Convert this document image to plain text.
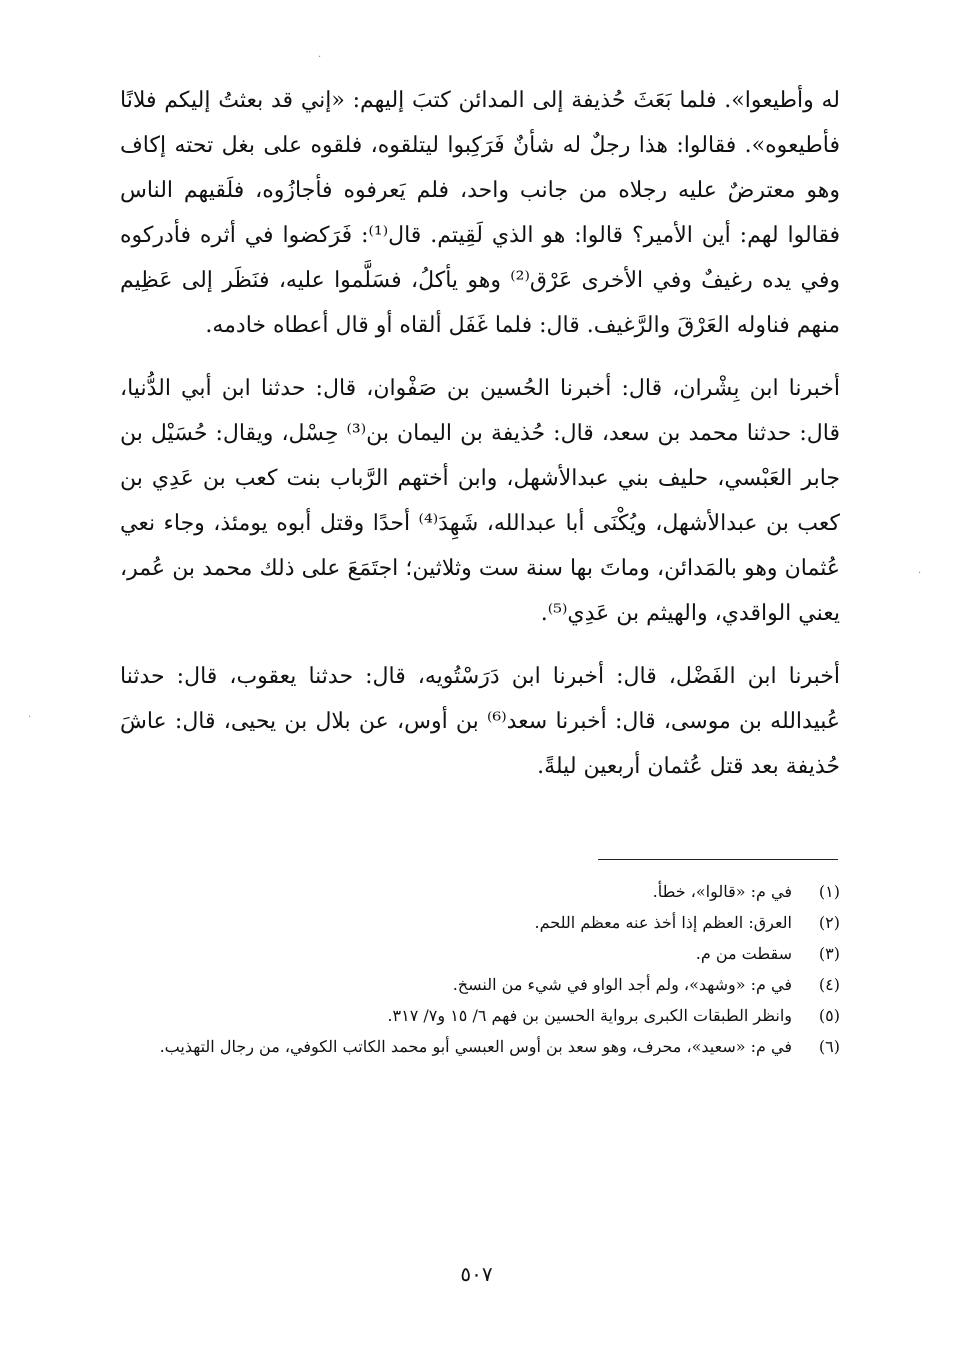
·
·
·

له وأطيعوا». فلما بَعَثَ حُذيفة إلى المدائن كتبَ إليهم: «إني قد بعثتُ إليكم فلانًا فأطيعوه». فقالوا: هذا رجلٌ له شأنٌ فَرَكِبوا ليتلقوه، فلقوه على بغل تحته إكاف وهو معترضٌ عليه رجلاه من جانب واحد، فلم يَعرفوه فأجازُوه، فلَقيهم الناس فقالوا لهم: أين الأمير؟ قالوا: هو الذي لَقِيتم. قال⁽¹⁾: فَرَكضوا في أثره فأدركوه وفي يده رغيفٌ وفي الأخرى عَرْق⁽²⁾ وهو يأكلُ، فسَلَّموا عليه، فنَظَر إلى عَظِيم منهم فناوله العَرْقَ والرَّغيف. قال: فلما غَفَل ألقاه أو قال أعطاه خادمه.

أخبرنا ابن بِشْران، قال: أخبرنا الحُسين بن صَفْوان، قال: حدثنا ابن أبي الدُّنيا، قال: حدثنا محمد بن سعد، قال: حُذيفة بن اليمان بن⁽³⁾ حِسْل، ويقال: حُسَيْل بن جابر العَبْسي، حليف بني عبدالأشهل، وابن أختهم الرَّباب بنت كعب بن عَدِي بن كعب بن عبدالأشهل، ويُكْنَى أبا عبدالله، شَهِدَ⁽⁴⁾ أحدًا وقتل أبوه يومئذ، وجاء نعي عُثمان وهو بالمَدائن، وماتَ بها سنة ست وثلاثين؛ اجتَمَعَ على ذلك محمد بن عُمر، يعني الواقدي، والهيثم بن عَدِي⁽⁵⁾.

أخبرنا ابن الفَضْل، قال: أخبرنا ابن دَرَسْتُويه، قال: حدثنا يعقوب، قال: حدثنا عُبيدالله بن موسى، قال: أخبرنا سعد⁽⁶⁾ بن أوس، عن بلال بن يحيى، قال: عاشَ حُذيفة بعد قتل عُثمان أربعين ليلةً.

(١)
في م: «قالوا»، خطأ.
(٢)
العرق: العظم إذا أخذ عنه معظم اللحم.
(٣)
سقطت من م.
(٤)
في م: «وشهد»، ولم أجد الواو في شيء من النسخ.
(٥)
وانظر الطبقات الكبرى برواية الحسين بن فهم ٦/ ١٥ و٧/ ٣١٧.
(٦)
في م: «سعيد»، محرف، وهو سعد بن أوس العبسي أبو محمد الكاتب الكوفي، من رجال التهذيب.
٥٠٧
